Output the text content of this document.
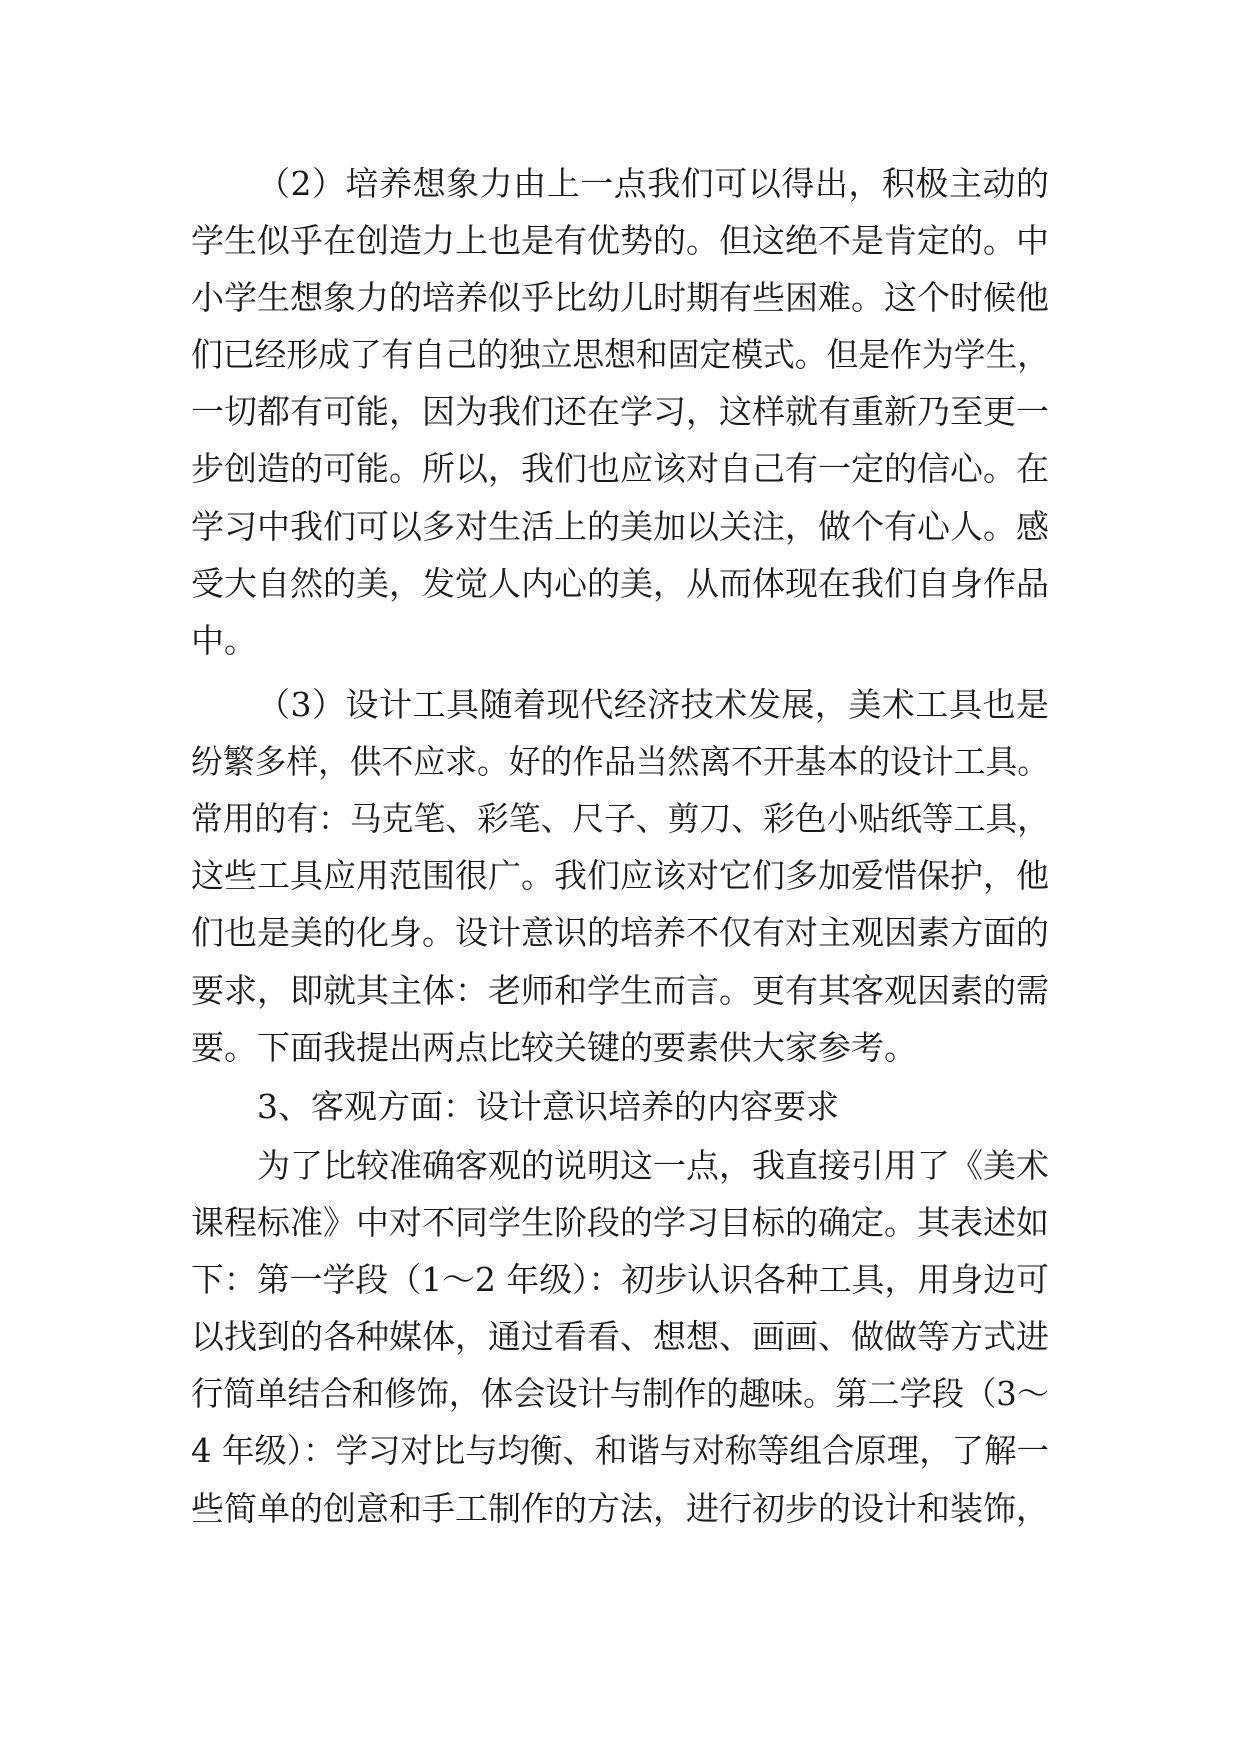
（2）培养想象力由上一点我们可以得出，积极主动的
学生似乎在创造力上也是有优势的。但这绝不是肯定的。中
小学生想象力的培养似乎比幼儿时期有些困难。这个时候他
们已经形成了有自己的独立思想和固定模式。但是作为学生，
一切都有可能，因为我们还在学习，这样就有重新乃至更一
步创造的可能。所以，我们也应该对自己有一定的信心。在
学习中我们可以多对生活上的美加以关注，做个有心人。感
受大自然的美，发觉人内心的美，从而体现在我们自身作品
中。
（3）设计工具随着现代经济技术发展，美术工具也是
纷繁多样，供不应求。好的作品当然离不开基本的设计工具。
常用的有：马克笔、彩笔、尺子、剪刀、彩色小贴纸等工具，
这些工具应用范围很广。我们应该对它们多加爱惜保护，他
们也是美的化身。设计意识的培养不仅有对主观因素方面的
要求，即就其主体：老师和学生而言。更有其客观因素的需
要。下面我提出两点比较关键的要素供大家参考。
3、客观方面：设计意识培养的内容要求
为了比较准确客观的说明这一点，我直接引用了《美术
课程标准》中对不同学生阶段的学习目标的确定。其表述如
下：第一学段（1～2 年级）：初步认识各种工具，用身边可
以找到的各种媒体，通过看看、想想、画画、做做等方式进
行简单结合和修饰，体会设计与制作的趣味。第二学段（3～
4 年级）：学习对比与均衡、和谐与对称等组合原理，了解一
些简单的创意和手工制作的方法，进行初步的设计和装饰，
